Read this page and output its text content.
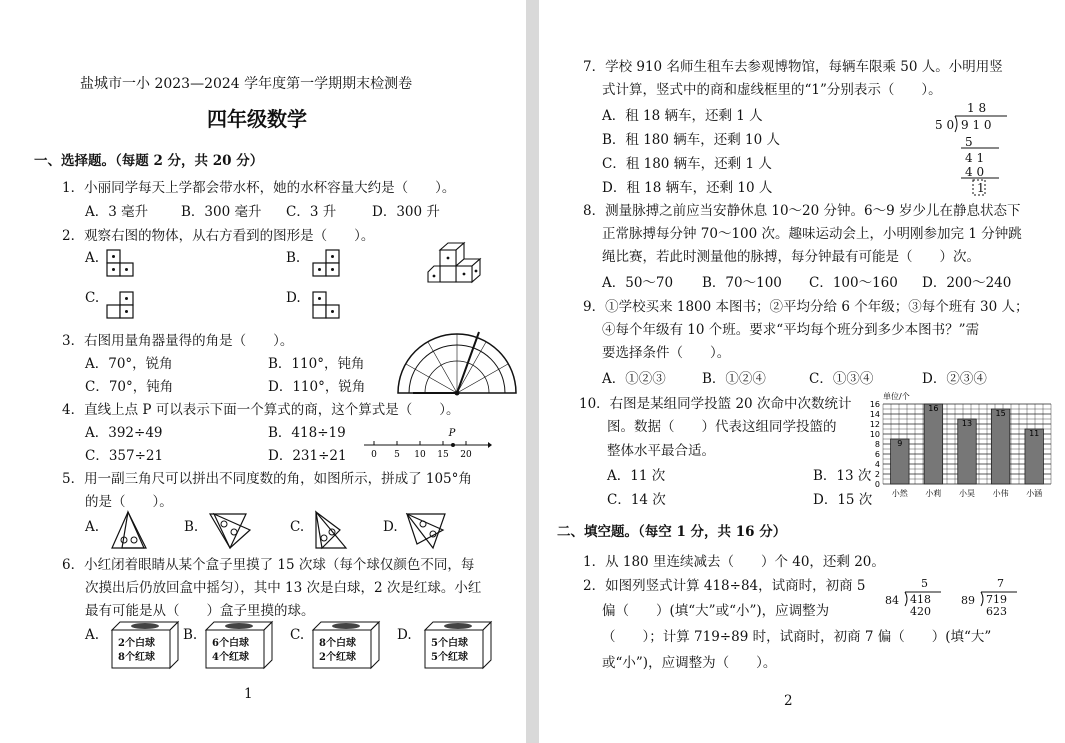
盐城市一小 2023—2024 学年度第一学期期末检测卷
四年级数学
一、选择题。（每题 2 分，共 20 分）
1．小丽同学每天上学都会带水杯，她的水杯容量大约是（　　）。
A．3 毫升 B．300 毫升 C．3 升	D．300 升
2．观察右图的物体，从右方看到的图形是（　　）。
A.	B.
C.	D.
3．右图用量角器量得的角是（　　）。
A．70°，锐角	B．110°，钝角
C．70°，钝角	D．110°，锐角
4．直线上点 P 可以表示下面一个算式的商，这个算式是（　　）。
A．392÷49	B．418÷19
C．357÷21	D．231÷21
P
0 5 10 15 20
5．用一副三角尺可以拼出不同度数的角，如图所示，拼成了 105°角
的是（　　）。
A.	B.	C.	D.
6．小红闭着眼睛从某个盒子里摸了 15 次球（每个球仅颜色不同，每
次摸出后仍放回盒中摇匀），其中 13 次是白球，2 次是红球。小红
最有可能是从（　　）盒子里摸的球。
A.	B.	C.	D.
2个白球
8个红球
6个白球
4个红球
8个白球
2个红球
5个白球
5个红球
1
7．学校 910 名师生租车去参观博物馆，每辆车限乘 50 人。小明用竖
式计算，竖式中的商和虚线框里的“1”分别表示（　　）。
A．租 18 辆车，还剩 1 人
B．租 180 辆车，还剩 10 人
C．租 180 辆车，还剩 1 人
D．租 18 辆车，还剩 10 人
1 8
5 0 9 1 0
5
4 1
4 0
1
8．测量脉搏之前应当安静休息 10～20 分钟。6～9 岁少儿在静息状态下
正常脉搏每分钟 70～100 次。趣味运动会上，小明刚参加完 1 分钟跳
绳比赛，若此时测量他的脉搏，每分钟最有可能是（　　）次。
A．50～70 B．70～100 C．100～160 D．200～240
9．①学校买来 1800 本图书；②平均分给 6 个年级；③每个班有 30 人；
④每个年级有 10 个班。要求“平均每个班分到多少本图书？”需
要选择条件（　　）。
A．①②③	B．①②④	C．①③④	D．②③④
10．右图是某组同学投篮 20 次命中次数统计
图。数据（　　）代表这组同学投篮的
整体水平最合适。
A．11 次	B．13 次
C．14 次	D．15 次
单位/个
0
2
4
6
8
10
12
14
16
9
小然
16
小莉
13
小昊
15
小伟
11
小涵
二、填空题。（每空 1 分，共 16 分）
1．从 180 里连续减去（　　）个 40，还剩 20。
2．如图列竖式计算 418÷84，试商时，初商 5
偏（　　）(填“大”或“小”)，应调整为
（　　）；计算 719÷89 时，试商时，初商 7 偏（　　）(填“大”
或“小”)，应调整为（　　）。
5
84 418
420
7
89 719
623
2
